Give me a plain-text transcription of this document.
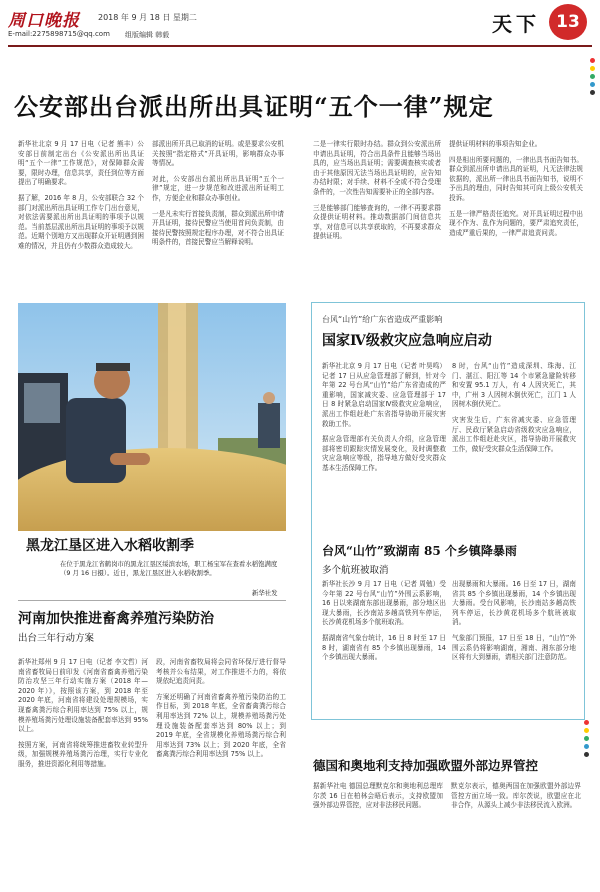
周口晚报 2018 年 9 月 18 日 星期二
E-mail:2275898715@qq.com 组版编辑 韩毅	天下 13
公安部出台派出所出具证明“五个一律”规定
新华社北京 9 月 17 日电（记者 熊丰）公安部日前制定出台《公安派出所出具证明“五个一律”工作规范》，对保障群众需要，限时办理，信息共享，责任到位等方面提出了明确要求。
据了解，2016 年 8 月，公安部联合 32 个部门对派出所出具证明工作专门出台意见，对依法需要派出所出具证明的事项予以规范。当前基层派出所出具证明的事项予以规范。近期个别地方又出现群众开证明遇到困难的情况，并且仍有少数群众造成较大。
部派出所开具已取消的证明。或是要求公安机关按照“指定格式”开具证明，影响群众办事等情况。
对此，公安部出台派出所出具证明“五个一律”规定，进一步规范和改进派出所证明工作，方便企业和群众办事创业。
一是凡未实行首接负责制，群众到派出所申请开具证明，接待民警应当使用首问负责制，由接待民警按照规定程序办理，对不符合出具证明条件的，首接民警应当解释说明。
二是一律实行限时办结。群众到公安派出所申请出具证明，符合出具条件且能够当场出具的，应当场出具证明；需要调查核实或者由于其他原因无法当场出具证明的，应告知办结时限；对手续、材料不全或不符合受理条件的，一次性告知需要补正的全部内容。
三是能够部门能够查询的，一律不再要求群众提供证明材料。推动数据部门间信息共享，对信息可以共享获取的，不再要求群众提供证明。
提供证明材料的事项告知企业。
四是相出所要问题的，一律出具书面告知书。群众到派出所申请出具的证明，凡无法律法规依据的，派出所一律出具书面告知书，说明不予出具的理由，同时告知其可向上级公安机关投诉。
五是一律严格责任追究。对开具证明过程中出现不作为、乱作为问题的，要严肃追究责任，造成严重后果的，一律严肃追责问责。
黑龙江垦区进入水稻收割季
在位于黑龙江省鹤岗市的黑龙江垦区绥滨农场，职工杨宝军在查看水稻饱满度（9 月 16 日摄）。近日，黑龙江垦区进入水稻收割季。
新华社发
河南加快推进畜禽养殖污染防治
出台三年行动方案
新华社郑州 9 月 17 日电（记者 李文哲）河南省畜牧局日前印发《河南省畜禽养殖污染防治攻坚三年行动实施方案（2018 年—2020 年）》，按照该方案，到 2018 年至 2020 年底，河南省将建设处理规模场，实现畜禽粪污综合利用率达到 75% 以上，规模养殖场粪污处理设施装备配套率达到 95% 以上。
按照方案，河南省将统筹推进畜牧业转型升级，加强规模养殖场粪污治理，实行专业化服务，推进资源化利用等措施。
段，河南省畜牧局将会同省环保厅进行督导考核并公布结果，对工作推进不力的，将依规依纪追责问责。
方案还明确了河南省畜禽养殖污染防治的工作目标，到 2018 年底，全省畜禽粪污综合利用率达到 72% 以上，规模养殖场粪污处理设施装备配套率达到 80% 以上；到 2019 年底，全省规模化养殖场粪污综合利用率达到 73% 以上；到 2020 年底，全省畜禽粪污综合利用率达到 75% 以上。
台风“山竹”给广东省造成严重影响
国家Ⅳ级救灾应急响应启动
新华社北京 9 月 17 日电（记者 叶昊鸣）记者 17 日从应急管理部了解到，针对今年第 22 号台风“山竹”给广东省造成的严重影响，国家减灾委、应急管理部于 17 日 8 时紧急启动国家Ⅳ级救灾应急响应，派出工作组赶赴广东省指导协助开展灾害救助工作。
据应急管理部有关负责人介绍，应急管理部将密切跟踪灾情发展变化，及时调整救灾应急响应等级，指导地方做好受灾群众基本生活保障工作。
8 时，台风“山竹”造成深圳、珠海、江门、湛江、阳江等 14 个市紧急避险转移和安置 95.1 万人，有 4 人因灾死亡，其中，广州 3 人因树木倒伏死亡，江门 1 人因树木倒伏死亡。
灾害发生后，广东省减灾委、应急管理厅、民政厅紧急启动省级救灾应急响应，派出工作组赶赴灾区，指导协助开展救灾工作，做好受灾群众生活保障工作。
台风“山竹”致湖南 85 个乡镇降暴雨
多个航班被取消
新华社长沙 9 月 17 日电（记者 周勉）受今年第 22 号台风“山竹”外围云系影响，16 日以来湖南东部出现暴雨，部分地区出现大暴雨，长沙南站多趟高铁列车停运，长沙黄花机场多个航班取消。
据湖南省气象台统计，16 日 8 时至 17 日 8 时，湖南省有 85 个乡镇出现暴雨，14 个乡镇出现大暴雨。
出现暴雨和大暴雨。16 日至 17 日，湖南省共 85 个乡镇出现暴雨，14 个乡镇出现大暴雨。受台风影响，长沙南站多趟高铁列车停运，长沙黄花机场多个航班被取消。
气象部门预报，17 日至 18 日，“山竹”外围云系仍将影响湖南，湘南、湘东部分地区将有大到暴雨，请相关部门注意防范。
德国和奥地利支持加强欧盟外部边界管控
据新华社电 德国总理默克尔和奥地利总理库尔茨 16 日在柏林会晤后表示，支持欧盟加强外部边界管控，应对非法移民问题。
默克尔表示，德奥两国在加强欧盟外部边界管控方面立场一致。库尔茨说，欧盟应在北非合作，从源头上减少非法移民流入欧洲。
